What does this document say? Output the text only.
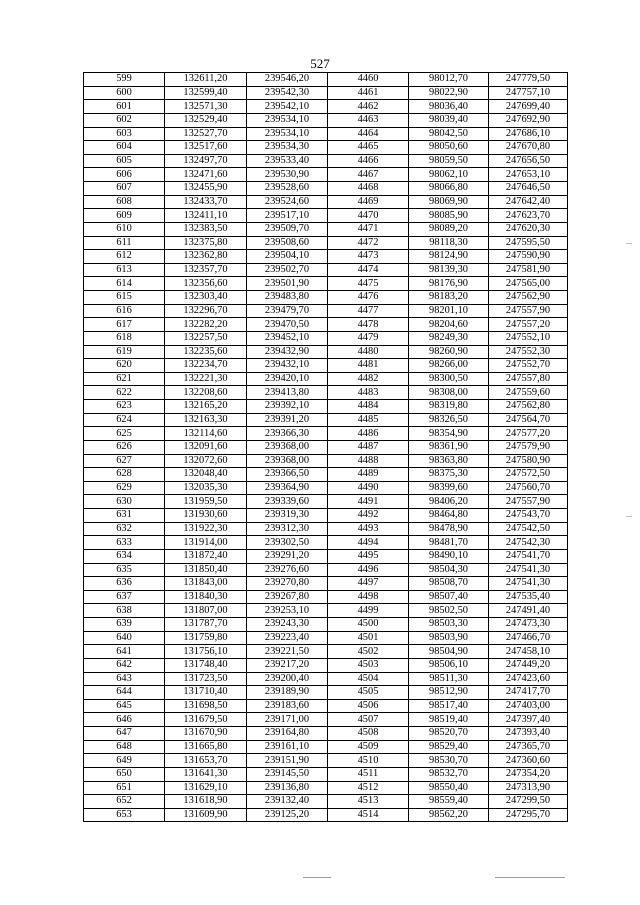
527
599	132611,20	239546,20	4460	98012,70	247779,50
600	132599,40	239542,30	4461	98022,90	247757,10
601	132571,30	239542,10	4462	98036,40	247699,40
602	132529,40	239534,10	4463	98039,40	247692,90
603	132527,70	239534,10	4464	98042,50	247686,10
604	132517,60	239534,30	4465	98050,60	247670,80
605	132497,70	239533,40	4466	98059,50	247656,50
606	132471,60	239530,90	4467	98062,10	247653,10
607	132455,90	239528,60	4468	98066,80	247646,50
608	132433,70	239524,60	4469	98069,90	247642,40
609	132411,10	239517,10	4470	98085,90	247623,70
610	132383,50	239509,70	4471	98089,20	247620,30
611	132375,80	239508,60	4472	98118,30	247595,50
612	132362,80	239504,10	4473	98124,90	247590,90
613	132357,70	239502,70	4474	98139,30	247581,90
614	132356,60	239501,90	4475	98176,90	247565,00
615	132303,40	239483,80	4476	98183,20	247562,90
616	132296,70	239479,70	4477	98201,10	247557,90
617	132282,20	239470,50	4478	98204,60	247557,20
618	132257,50	239452,10	4479	98249,30	247552,10
619	132235,60	239432,90	4480	98260,90	247552,30
620	132234,70	239432,10	4481	98266,00	247552,70
621	132221,30	239420,10	4482	98300,50	247557,80
622	132208,60	239413,80	4483	98308,00	247559,60
623	132165,20	239392,10	4484	98319,80	247562,80
624	132163,30	239391,20	4485	98326,50	247564,70
625	132114,60	239366,30	4486	98354,90	247577,20
626	132091,60	239368,00	4487	98361,90	247579,90
627	132072,60	239368,00	4488	98363,80	247580,90
628	132048,40	239366,50	4489	98375,30	247572,50
629	132035,30	239364,90	4490	98399,60	247560,70
630	131959,50	239339,60	4491	98406,20	247557,90
631	131930,60	239319,30	4492	98464,80	247543,70
632	131922,30	239312,30	4493	98478,90	247542,50
633	131914,00	239302,50	4494	98481,70	247542,30
634	131872,40	239291,20	4495	98490,10	247541,70
635	131850,40	239276,60	4496	98504,30	247541,30
636	131843,00	239270,80	4497	98508,70	247541,30
637	131840,30	239267,80	4498	98507,40	247535,40
638	131807,00	239253,10	4499	98502,50	247491,40
639	131787,70	239243,30	4500	98503,30	247473,30
640	131759,80	239223,40	4501	98503,90	247466,70
641	131756,10	239221,50	4502	98504,90	247458,10
642	131748,40	239217,20	4503	98506,10	247449,20
643	131723,50	239200,40	4504	98511,30	247423,60
644	131710,40	239189,90	4505	98512,90	247417,70
645	131698,50	239183,60	4506	98517,40	247403,00
646	131679,50	239171,00	4507	98519,40	247397,40
647	131670,90	239164,80	4508	98520,70	247393,40
648	131665,80	239161,10	4509	98529,40	247365,70
649	131653,70	239151,90	4510	98530,70	247360,60
650	131641,30	239145,50	4511	98532,70	247354,20
651	131629,10	239136,80	4512	98550,40	247313,90
652	131618,90	239132,40	4513	98559,40	247299,50
653	131609,90	239125,20	4514	98562,20	247295,70
